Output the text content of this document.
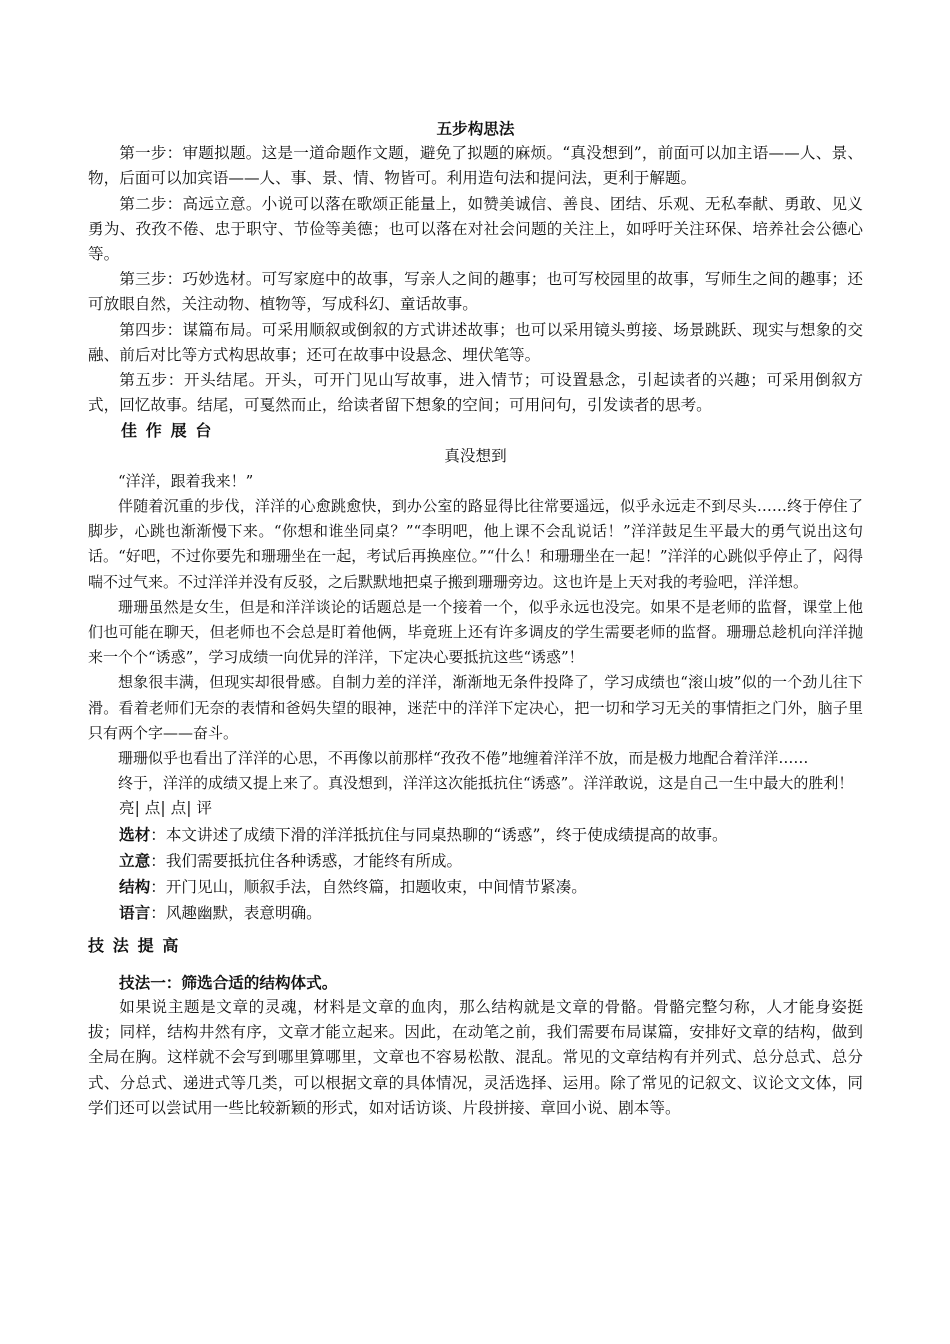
五步构思法

第一步：审题拟题。这是一道命题作文题，避免了拟题的麻烦。“真没想到”，前面可以加主语——人、景、物，后面可以加宾语——人、事、景、情、物皆可。利用造句法和提问法，更利于解题。

第二步：高远立意。小说可以落在歌颂正能量上，如赞美诚信、善良、团结、乐观、无私奉献、勇敢、见义勇为、孜孜不倦、忠于职守、节俭等美德；也可以落在对社会问题的关注上，如呼吁关注环保、培养社会公德心等。

第三步：巧妙选材。可写家庭中的故事，写亲人之间的趣事；也可写校园里的故事，写师生之间的趣事；还可放眼自然，关注动物、植物等，写成科幻、童话故事。

第四步：谋篇布局。可采用顺叙或倒叙的方式讲述故事；也可以采用镜头剪接、场景跳跃、现实与想象的交融、前后对比等方式构思故事；还可在故事中设悬念、埋伏笔等。

第五步：开头结尾。开头，可开门见山写故事，进入情节；可设置悬念，引起读者的兴趣；可采用倒叙方式，回忆故事。结尾，可戛然而止，给读者留下想象的空间；可用问句，引发读者的思考。

佳作展台
真没想到

“洋洋，跟着我来！”

伴随着沉重的步伐，洋洋的心愈跳愈快，到办公室的路显得比往常要遥远，似乎永远走不到尽头……终于停住了脚步，心跳也渐渐慢下来。“你想和谁坐同桌？”“李明吧，他上课不会乱说话！”洋洋鼓足生平最大的勇气说出这句话。“好吧，不过你要先和珊珊坐在一起，考试后再换座位。”“什么！和珊珊坐在一起！”洋洋的心跳似乎停止了，闷得喘不过气来。不过洋洋并没有反驳，之后默默地把桌子搬到珊珊旁边。这也许是上天对我的考验吧，洋洋想。

珊珊虽然是女生，但是和洋洋谈论的话题总是一个接着一个，似乎永远也没完。如果不是老师的监督，课堂上他们也可能在聊天，但老师也不会总是盯着他俩，毕竟班上还有许多调皮的学生需要老师的监督。珊珊总趁机向洋洋抛来一个个“诱惑”，学习成绩一向优异的洋洋，下定决心要抵抗这些“诱惑”！

想象很丰满，但现实却很骨感。自制力差的洋洋，渐渐地无条件投降了，学习成绩也“滚山坡”似的一个劲儿往下滑。看着老师们无奈的表情和爸妈失望的眼神，迷茫中的洋洋下定决心，把一切和学习无关的事情拒之门外，脑子里只有两个字——奋斗。

珊珊似乎也看出了洋洋的心思，不再像以前那样“孜孜不倦”地缠着洋洋不放，而是极力地配合着洋洋……

终于，洋洋的成绩又提上来了。真没想到，洋洋这次能抵抗住“诱惑”。洋洋敢说，这是自己一生中最大的胜利！

亮| 点| 点| 评
选材：本文讲述了成绩下滑的洋洋抵抗住与同桌热聊的“诱惑”，终于使成绩提高的故事。
立意：我们需要抵抗住各种诱惑，才能终有所成。
结构：开门见山，顺叙手法，自然终篇，扣题收束，中间情节紧凑。
语言：风趣幽默，表意明确。
技法提高
技法一：筛选合适的结构体式。

如果说主题是文章的灵魂，材料是文章的血肉，那么结构就是文章的骨骼。骨骼完整匀称，人才能身姿挺拔；同样，结构井然有序，文章才能立起来。因此，在动笔之前，我们需要布局谋篇，安排好文章的结构，做到全局在胸。这样就不会写到哪里算哪里，文章也不容易松散、混乱。常见的文章结构有并列式、总分总式、总分式、分总式、递进式等几类，可以根据文章的具体情况，灵活选择、运用。除了常见的记叙文、议论文文体，同学们还可以尝试用一些比较新颖的形式，如对话访谈、片段拼接、章回小说、剧本等。
